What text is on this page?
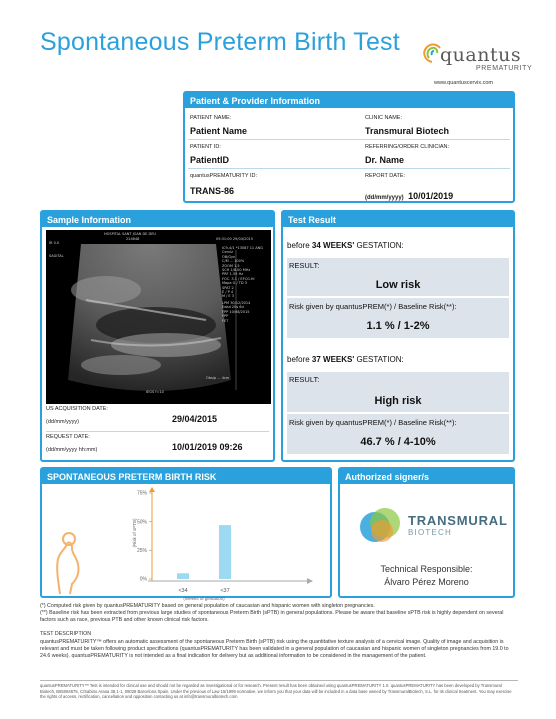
Spontaneous Preterm Birth Test quantus
PREMATURITY
www.quantuscervix.com
Patient & Provider Information
PATIENT NAME:
Patient Name
CLINIC NAME:
Transmural Biotech
PATIENT ID:
PatientID
REFERRING/ORDER CLINICIAN:
Dr. Name
quantusPREMATURITY ID:
TRANS-86
REPORT DATE:
(dd/mm/yyyy) 10/01/2019
Sample Information
HOSPITAL SANT JOAN DE DEU
224648	09:31:00 29/04/2015
IR 0.0
SAGITAL
IC9-4/1 *13087 11 ANG
Cerviz
OB/Gyn
C/M ... 100%
ZOOM 1.5
SCH 1/8.00 MHz
PRF 1.55 Hz
FOC. 3.1 / EFCG.Hi
Mapa G / TD 3
SPAT 2
E / P 4
M / E 3
LPM 30/12/2014
Edad 20s 6d
FPP 10/08/2015
FPP
FET
Obs/p ... 4cm
IEGS f=10
US ACQUISITION DATE:
(dd/mm/yyyy)	29/04/2015
REQUEST DATE:
(dd/mm/yyyy hh:mm)	10/01/2019 09:26
Test Result
before 34 WEEKS' GESTATION:
RESULT:
Low risk
Risk given by quantusPREM(*) / Baseline Risk(**):
1.1 % / 1-2%
before 37 WEEKS' GESTATION:
RESULT:
High risk
Risk given by quantusPREM(*) / Baseline Risk(**):
46.7 % / 4-10%
SPONTANEOUS PRETERM BIRTH RISK
0%
25%
50%
75%
(Risk of sPTB)
<34	<37
(Weeks of gestation)
Authorized signer/s
TRANSMURAL
BIOTECH
Technical Responsible:
Álvaro Pérez Moreno
(*) Computed risk given by quantusPREMATURITY based on general population of caucasian and hispanic women with singleton pregnancies.
(**) Baseline risk has been extracted from previous large studies of spontaneous Preterm Birth (sPTB) in general populations. Please be aware that baseline sPTB risk is highly dependent on several factors such as race, previous PTB and other known clinical risk factors.
TEST DESCRIPTION
quantusPREMATURITY™ offers an automatic assessment of the spontaneous Preterm Birth (sPTB) risk using the quantitative texture analysis of a cervical image. Quality of image and acquisition is relevant and must be taken following product specifications (quantusPREMATURITY has been validated in a general population of caucasian and hispanic women of singleton pregnancies from 19.0 to 24.6 weeks). quantusPREMATURITY is not intended as a final indication for delivery but as additional information to be considered in the management of the patient.
quantusPREMATURITY™ Test is intended for clinical use and should not be regarded as investigational or for research. Present result has been obtained using quantusPREMATURITY 1.0. quantusPREMATURITY has been developed by Transmural Biotech, B65084675, C/Sabino Arana 38,1-1, 08028 Barcelona Spain. Under the previous of Law 15/1999 normative, we inform you that your data will be included in a data base owned by TransmuralBiotech, S.L. for its clinical treatment. You may exercise the rights of access, rectification, cancellation and opposition contacting us at info@transmuralbiotech.com
